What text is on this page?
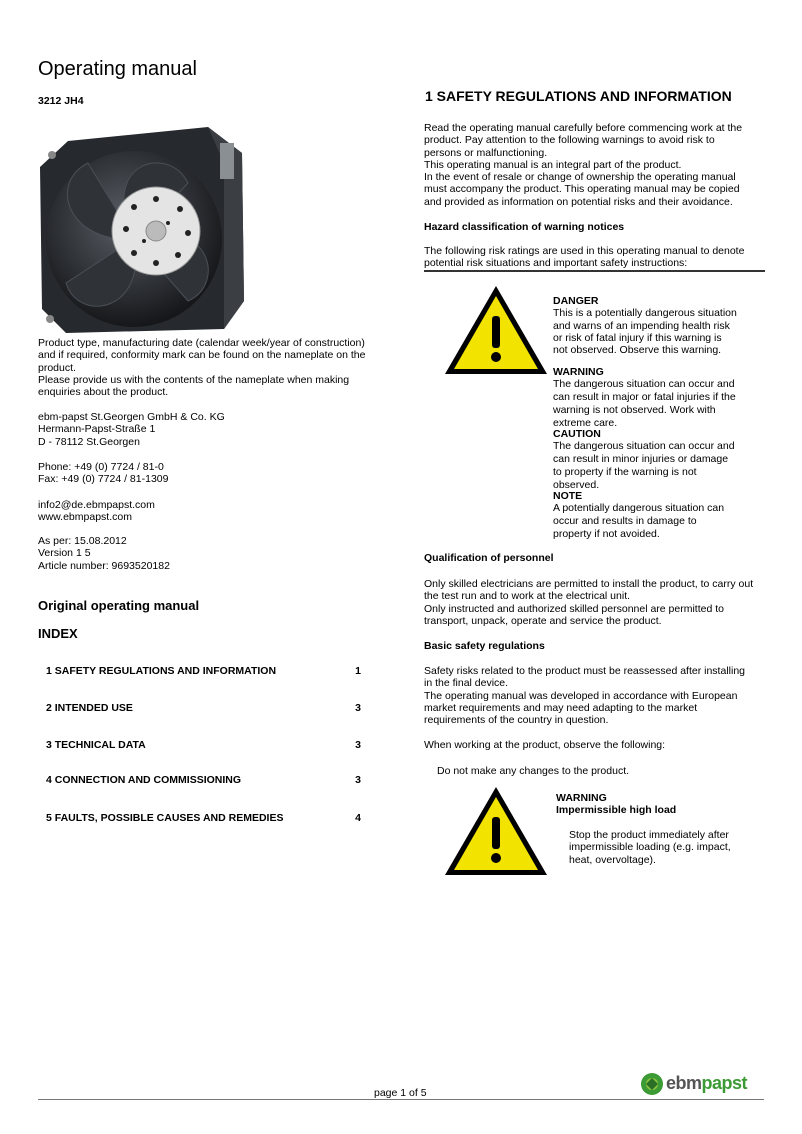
Operating manual
3212 JH4
Product type, manufacturing date (calendar week/year of construction)
and if required, conformity mark can be found on the nameplate on the
product.
Please provide us with the contents of the nameplate when making
enquiries about the product.
ebm-papst St.Georgen GmbH & Co. KG
Hermann-Papst-Straße 1
D - 78112 St.Georgen
Phone: +49 (0) 7724 / 81-0
Fax: +49 (0) 7724 / 81-1309
info2@de.ebmpapst.com
www.ebmpapst.com
As per: 15.08.2012
Version 1 5
Article number: 9693520182
Original operating manual
INDEX
1 SAFETY REGULATIONS AND INFORMATION	1
2 INTENDED USE	3
3 TECHNICAL DATA	3
4 CONNECTION AND COMMISSIONING	3
5 FAULTS, POSSIBLE CAUSES AND REMEDIES	4
1 SAFETY REGULATIONS AND INFORMATION
Read the operating manual carefully before commencing work at the
product. Pay attention to the following warnings to avoid risk to
persons or malfunctioning.
This operating manual is an integral part of the product.
In the event of resale or change of ownership the operating manual
must accompany the product. This operating manual may be copied
and provided as information on potential risks and their avoidance.
Hazard classification of warning notices
The following risk ratings are used in this operating manual to denote
potential risk situations and important safety instructions:
DANGER
This is a potentially dangerous situation
and warns of an impending health risk
or risk of fatal injury if this warning is
not observed. Observe this warning.
WARNING
The dangerous situation can occur and
can result in major or fatal injuries if the
warning is not observed. Work with
extreme care.
CAUTION
The dangerous situation can occur and
can result in minor injuries or damage
to property if the warning is not
observed.
NOTE
A potentially dangerous situation can
occur and results in damage to
property if not avoided.
Qualification of personnel
Only skilled electricians are permitted to install the product, to carry out
the test run and to work at the electrical unit.
Only instructed and authorized skilled personnel are permitted to
transport, unpack, operate and service the product.
Basic safety regulations
Safety risks related to the product must be reassessed after installing
in the final device.
The operating manual was developed in accordance with European
market requirements and may need adapting to the market
requirements of the country in question.
When working at the product, observe the following:
Do not make any changes to the product.
WARNING
Impermissible high load
Stop the product immediately after
impermissible loading (e.g. impact,
heat, overvoltage).
page 1 of 5	ebmpapst
